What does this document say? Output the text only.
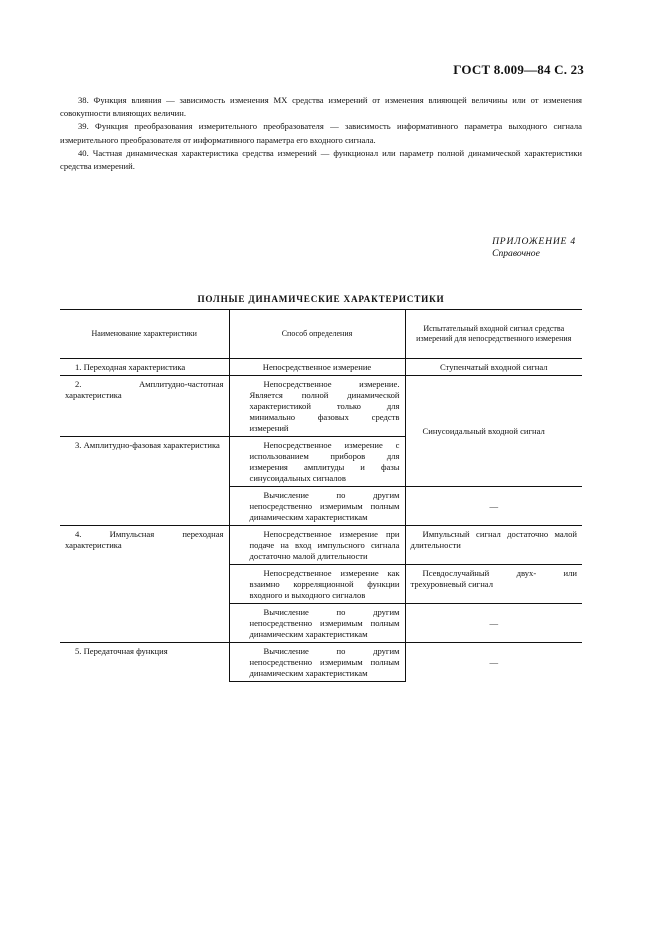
ГОСТ 8.009—84 С. 23

38. Функция влияния — зависимость изменения МХ средства измерений от изменения влияющей величины или от изменения совокупности влияющих величин.

39. Функция преобразования измерительного преобразователя — зависимость информативного параметра выходного сигнала измерительного преобразователя от информативного параметра его входного сигнала.

40. Частная динамическая характеристика средства измерений — функционал или параметр полной динамической характеристики средства измерений.

ПРИЛОЖЕНИЕ 4
Справочное
ПОЛНЫЕ ДИНАМИЧЕСКИЕ ХАРАКТЕРИСТИКИ
Наименование характеристики	Способ определения	Испытательный входной сигнал средства измерений для непосредственного измерения
1. Переходная характеристика	Непосредственное измерение	Ступенчатый входной сигнал
2. Амплитудно-частотная характеристика	Непосредственное измерение. Является полной динамической характеристикой только для минимально фазовых средств измерений	Синусоидальный входной сигнал
3. Амплитудно-фазовая характеристика	Непосредственное измерение с использованием приборов для измерения амплитуды и фазы синусоидальных сигналов	
	Вычисление по другим непосредственно измеримым полным динамическим характеристикам	—
4. Импульсная переходная характеристика	Непосредственное измерение при подаче на вход импульсного сигнала достаточно малой длительности	Импульсный сигнал достаточно малой длительности
	Непосредственное измерение как взаимно корреляционной функции входного и выходного сигналов	Псевдослучайный двух- или трехуровневый сигнал
	Вычисление по другим непосредственно измеримым полным динамическим характеристикам	—
5. Передаточная функция	Вычисление по другим непосредственно измеримым полным динамическим характеристикам	—
